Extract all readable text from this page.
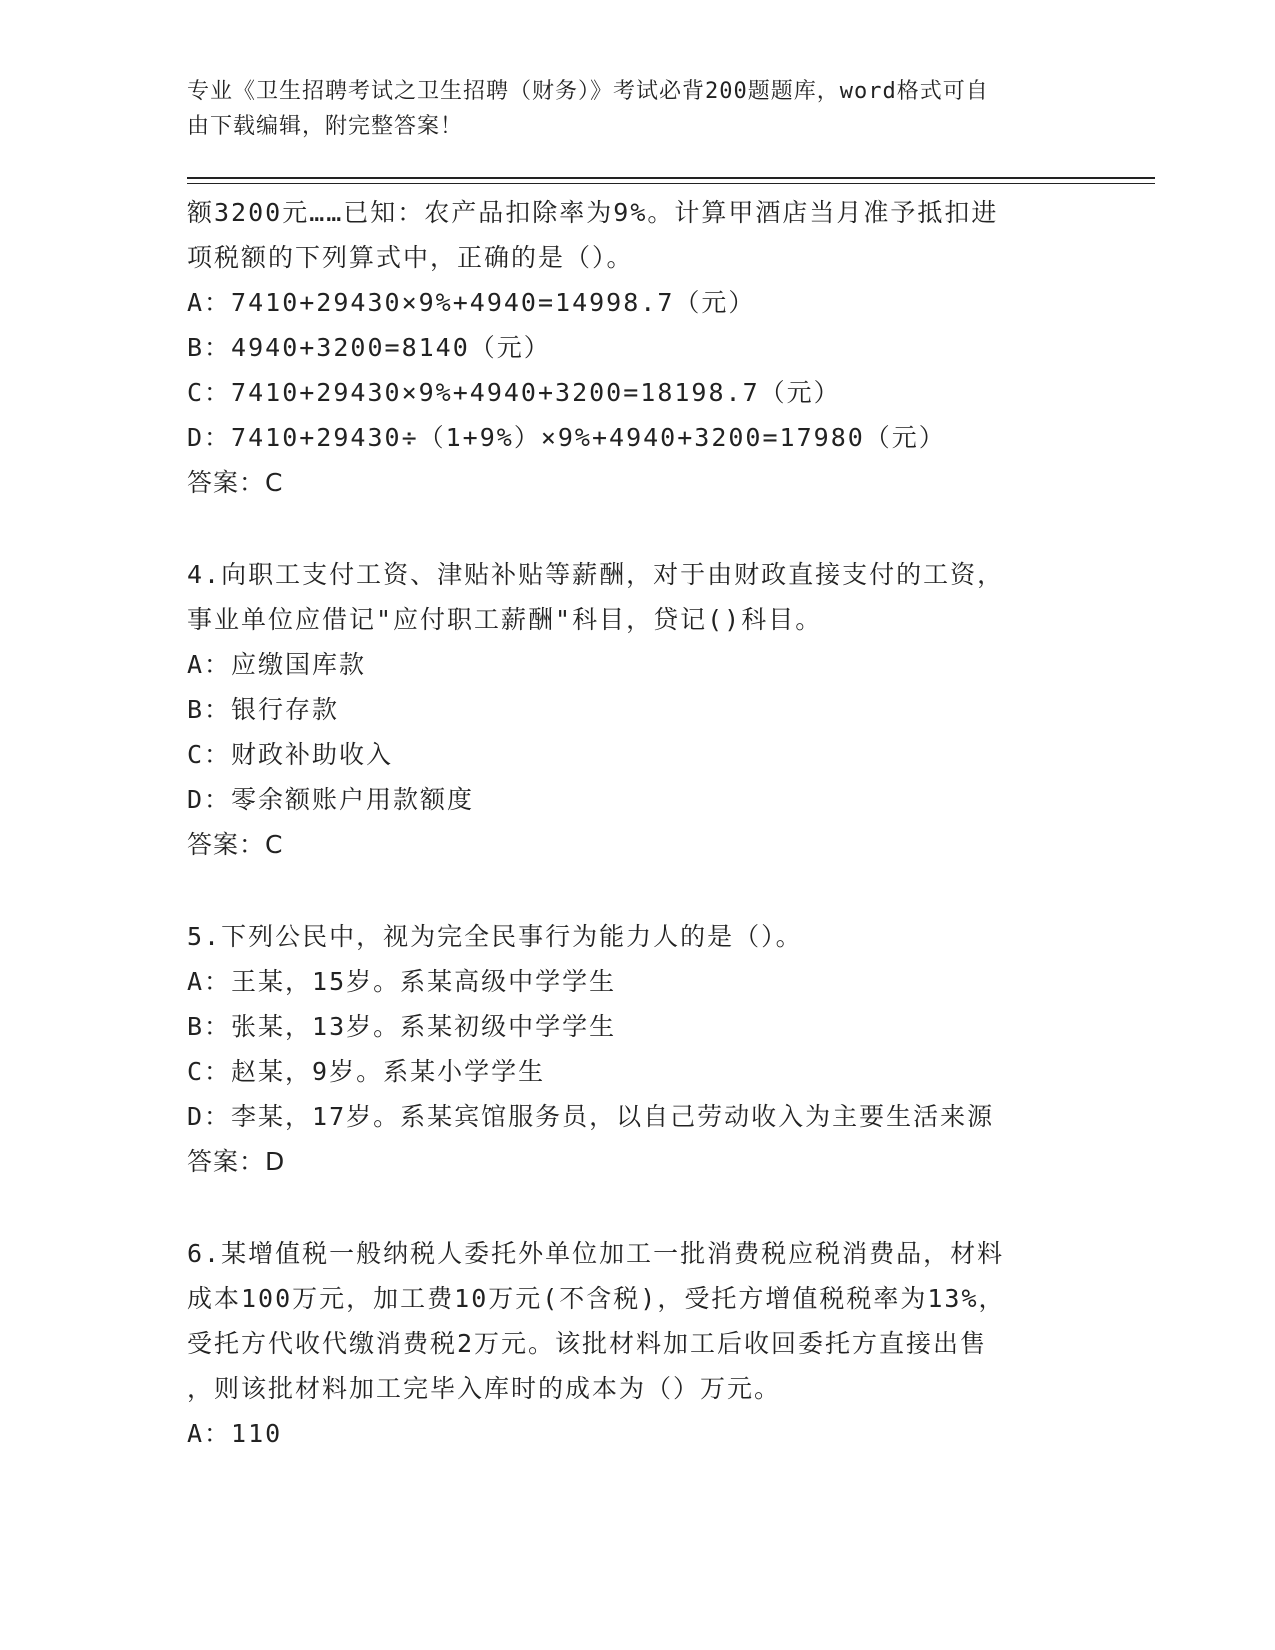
专业《卫生招聘考试之卫生招聘（财务）》考试必背200题题库，word格式可自
由下载编辑，附完整答案！
额3200元……已知：农产品扣除率为9%。计算甲酒店当月准予抵扣进
项税额的下列算式中，正确的是（）。
A：7410+29430×9%+4940=14998.7（元）
B：4940+3200=8140（元）
C：7410+29430×9%+4940+3200=18198.7（元）
D：7410+29430÷（1+9%）×9%+4940+3200=17980（元）
答案：C
4.向职工支付工资、津贴补贴等薪酬，对于由财政直接支付的工资，
事业单位应借记"应付职工薪酬"科目，贷记()科目。
A：应缴国库款
B：银行存款
C：财政补助收入
D：零余额账户用款额度
答案：C
5.下列公民中，视为完全民事行为能力人的是（）。
A：王某，15岁。系某高级中学学生
B：张某，13岁。系某初级中学学生
C：赵某，9岁。系某小学学生
D：李某，17岁。系某宾馆服务员，以自己劳动收入为主要生活来源
答案：D
6.某增值税一般纳税人委托外单位加工一批消费税应税消费品，材料
成本100万元，加工费10万元(不含税)，受托方增值税税率为13%，
受托方代收代缴消费税2万元。该批材料加工后收回委托方直接出售
，则该批材料加工完毕入库时的成本为（）万元。
A：110
